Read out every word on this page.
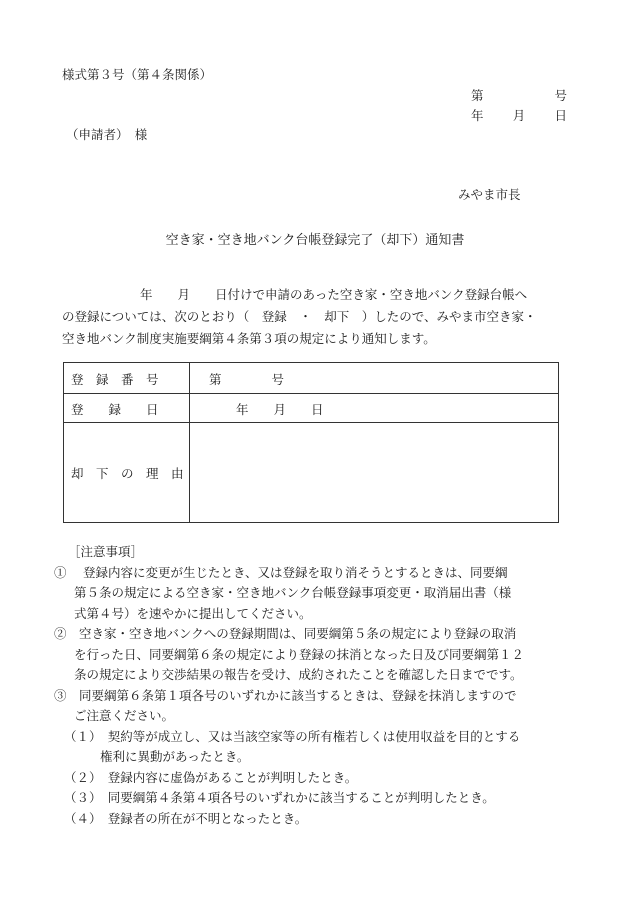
様式第３号（第４条関係）
第	号
年 月 日
（申請者）　様
みやま市長
空き家・空き地バンク台帳登録完了（却下）通知書
年　　月　　日付けで申請のあった空き家・空き地バンク登録台帳へ
の登録については、次のとおり（　登録　・　却下　）したので、みやま市空き家・
空き地バンク制度実施要綱第４条第３項の規定により通知します。
登　録　番　号	第　　　　号
登　　録　　日	年　　月　　日
却　下　の　理　由
［注意事項］
①　 登録内容に変更が生じたとき、又は登録を取り消そうとするときは、同要綱
第５条の規定による空き家・空き地バンク台帳登録事項変更・取消届出書（様
式第４号）を速やかに提出してください。
②　空き家・空き地バンクへの登録期間は、同要綱第５条の規定により登録の取消
を行った日、同要綱第６条の規定により登録の抹消となった日及び同要綱第１２
条の規定により交渉結果の報告を受け、成約されたことを確認した日までです。
③　同要綱第６条第１項各号のいずれかに該当するときは、登録を抹消しますので
ご注意ください。
（１）　契約等が成立し、又は当該空家等の所有権若しくは使用収益を目的とする
権利に異動があったとき。
（２）　登録内容に虚偽があることが判明したとき。
（３）　同要綱第４条第４項各号のいずれかに該当することが判明したとき。
（４）　登録者の所在が不明となったとき。
